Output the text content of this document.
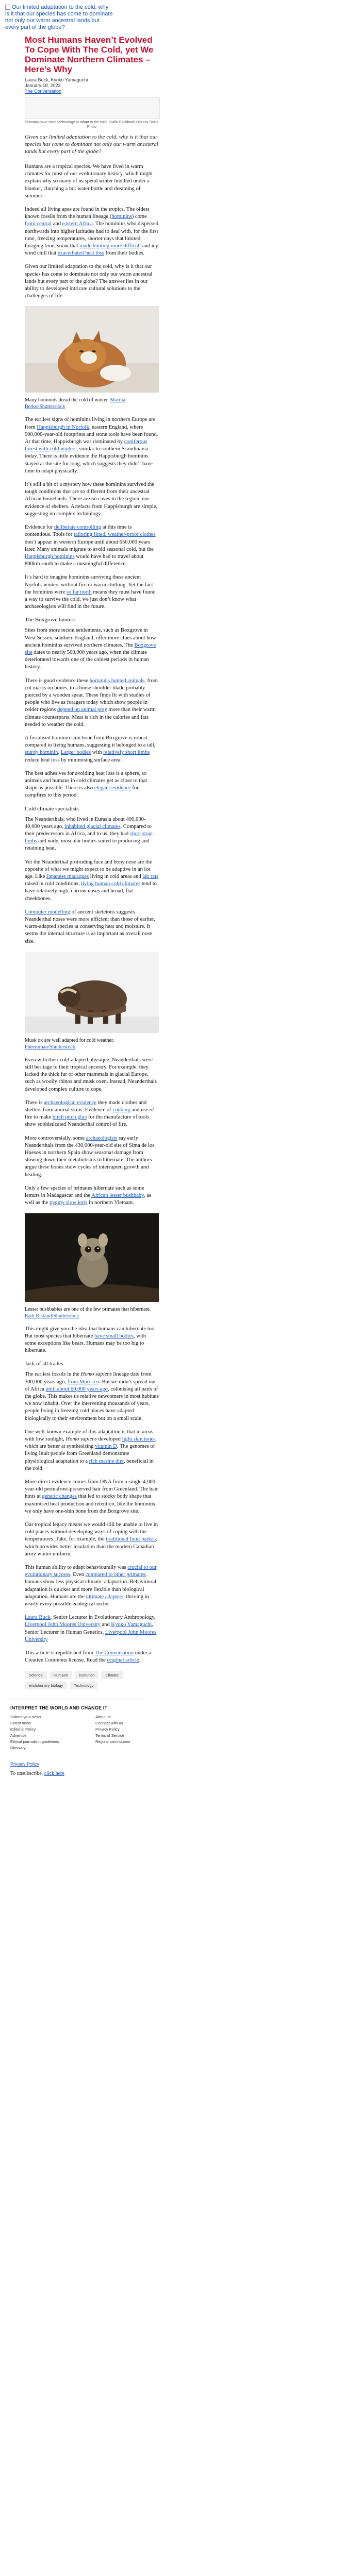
Our limited adaptation to the cold, why is it that our species has come to dominate not only our warm ancestral lands but every part of the globe?
Most Humans Haven’t Evolved To Cope With The Cold, yet We Dominate Northern Climates – Here’s Why
Laura Buck, Kyoko Yamaguchi
January 18, 2023
The Conversation
Humans have used technology to adapt to the cold. Kudla Cookbook / Nancy Stock Photo
Given our limited adaptation to the cold, why is it that our species has come to dominate not only our warm ancestral lands but every part of the globe?

Humans are a tropical species. We have lived in warm climates for most of our evolutionary history, which might explain why so many of us spend winter huddled under a blanket, clutching a hot water bottle and dreaming of summer.

Indeed all living apes are found in the tropics. The oldest known fossils from the human lineage (hominins) come from central and eastern Africa. The hominins who dispersed northwards into higher latitudes had to deal with, for the first time, freezing temperatures, shorter days that limited foraging time, snow that made hunting more difficult and icy wind chill that exacerbated heat loss from their bodies.

Given our limited adaptation to the cold, why is it that our species has come to dominate not only our warm ancestral lands but every part of the globe? The answer lies in our ability to developed intricate cultural solutions to the challenges of life.

Many hominids dread the cold of winter. Marilia Bedoc/Shutterstock

The earliest signs of hominins living in northern Europe are from Happisburgh in Norfolk, eastern England, where 900,000-year-old footprints and stone tools have been found. At that time, Happisburgh was dominated by coniferous forest with cold winters, similar to southern Scandinavia today. There is little evidence the Happisburgh hominins stayed at the site for long, which suggests they didn’t have time to adapt physically.

It’s still a bit of a mystery how these hominins survived the tough conditions that are so different from their ancestral African homelands. There are no caves in the region, nor evidence of shelters. Artefacts from Happisburgh are simple, suggesting no complex technology.

Evidence for deliberate controlling at this time is contentious. Tools for tailoring fitted, weather-proof clothes don’t appear in western Europe until about 650,000 years later. Many animals migrate to avoid seasonal cold, but the Happisburgh hominins would have had to travel about 800km south to make a meaningful difference.

It’s hard to imagine hominins surviving these ancient Norfolk winters without fire or warm clothing. Yet the fact the hominins were so far north means they must have found a way to survive the cold, we just don’t know what archaeologists will find in the future.

The Boxgrove hunters

Sites from more recent settlements, such as Boxgrove in West Sussex, southern England, offer more clues about how ancient hominins survived northern climates. The Boxgrove site dates to nearly 500,000 years ago, when the climate deteriorated towards one of the coldest periods in human history.

There is good evidence these hominins hunted animals, from cut marks on bones, to a horse shoulder blade probably pierced by a wooden spear. These finds fit with studies of people who live as foragers today which show people in colder regions depend on animal prey more than their warm climate counterparts. Meat is rich in the calories and fats needed to weather the cold.

A fossilised hominin shin bone from Boxgrove is robust compared to living humans, suggesting it belonged to a tall, sturdy hominin. Larger bodies with relatively short limbs reduce heat loss by minimising surface area.

The best adhesives for avoiding heat loss is a sphere, so animals and humans in cold climates get as close to that shape as possible. There is also elegant evidence for campfires to this period.

Cold climate specialists

The Neanderthals, who lived in Eurasia about 400,000-40,000 years ago, inhabited glacial climates. Compared to their predecessors in Africa, and to us, they had short stout limbs and wide, muscular bodies suited to producing and retaining heat.

Yet the Neanderthal protruding face and bony nose are the opposite of what we might expect to be adaptive in an ice age. Like Japanese macaques living in cold areas and lab rats raised in cold conditions, living human cold climates tend to have relatively high, narrow noses and broad, flat cheekbones.

Computer modelling of ancient skeletons suggests Neanderthal noses were more efficient than those of earlier, warm-adapted species at conserving heat and moisture. It seems the internal structure is as important as overall nose size.

Musk ox are well adapted for cold weather. Pheeroman/Shutterstock

Even with their cold-adapted physique, Neanderthals were still heritage to their tropical ancestry. For example, they lacked the thick fur of other mammals in glacial Europe, such as woolly rhinos and musk oxen. Instead, Neanderthals developed complex culture to cope.

There is archaeological evidence they made clothes and shelters from animal skins. Evidence of cooking and use of fire to make birch pitch glue for the manufacture of tools show sophisticated Neanderthal control of fire.

More controversially, some archaeologists say early Neanderthals from the 430,000-year-old site of Sima de los Huesos in northern Spain show seasonal damage from slowing down their metabolisms to hibernate. The authors argue these bones show cycles of interrupted growth and healing.

Only a few species of primates hibernate such as some lemurs in Madagascar and the African lesser bushbaby, as well as the pygmy slow loris in northern Vietnam.

Lesser bushbabies are one of the few primates that hibernate. Radi Riskind/Shutterstock

This might give you the idea that humans can hibernate too. But most species that hibernate have small bodies, with some exceptions like bears. Humans may be too big to hibernate.

Jack of all trades

The earliest fossils in the Homo sapiens lineage date from 300,000 years ago, from Morocco. But we didn’t spread out of Africa until about 60,000 years ago, colonising all parts of the globe. This makes us relative newcomers in most habitats we now inhabit. Over the intervening thousands of years, people living in freezing cold places have adapted biologically to their environment but on a small scale.

One well-known example of this adaptation is that in areas with low sunlight, Homo sapiens developed light skin tones, which are better at synthesising vitamin D. The genomes of living Inuit people from Greenland demonstrate physiological adaptation to a rich marine diet, beneficial in the cold.

More direct evidence comes from DNA from a single 4,000-year-old permafrost-preserved hair from Greenland. The hair hints at genetic changes that led to stocky body shape that maximised heat production and retention, like the hominins we only have one-shin bone from the Boxgrove site.

Our tropical legacy means we would still be unable to live in cold places without developing ways of coping with the temperatures. Take, for example, the traditional Inuit parkas, which provides better insulation than the modern Canadian army winter uniform.

This human ability to adapt behaviourally was crucial to our evolutionary success. Even compared to other primates, humans show less physical climatic adaptation. Behavioural adaptation is quicker and more flexible than biological adaptation. Humans are the ultimate adapters, thriving in nearly every possible ecological niche.

Laura Buck, Senior Lecturer in Evolutionary Anthropology, Liverpool John Moores University and Kyoko Yamaguchi, Senior Lecturer in Human Genetics, Liverpool John Moores University

This article is republished from The Conversation under a Creative Commons license. Read the original article.

Science	Humans	Evolution	Climate
evolutionary biology	Technology
INTERPRET THE WORLD AND CHANGE IT
Submit your news	About us
Latest news	Connect with us
Editorial Policy	Privacy Policy
Advertise	Terms of Service
Ethical journalism guidelines	Regular contributors
Glossary
Privacy Policy
To unsubscribe, click here
